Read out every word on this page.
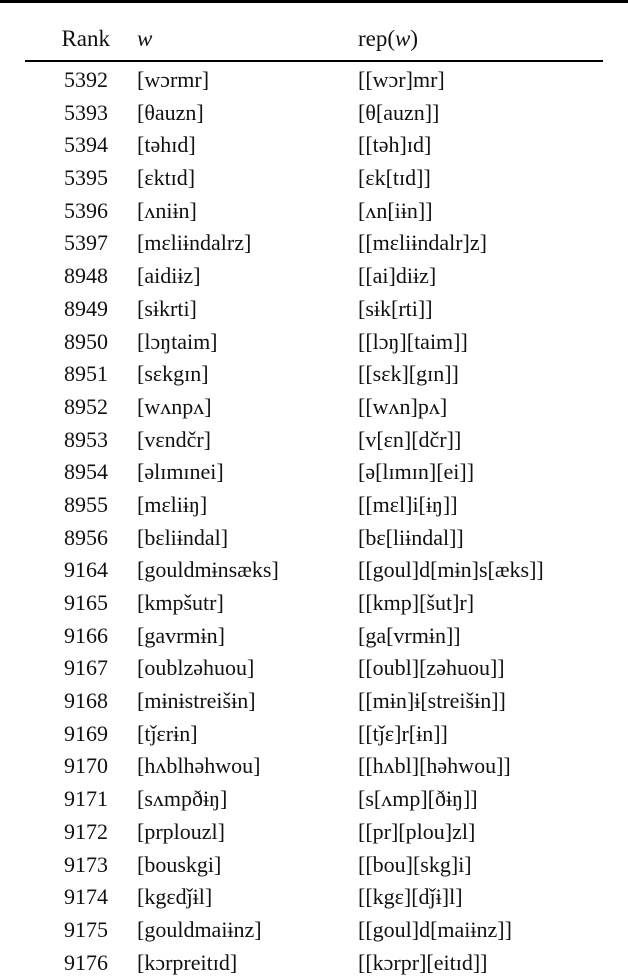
Rank w	rep(w)
5392 [wɔrmr]	[[wɔr]mr]
5393 [θauzn]	[θ[auzn]]
5394 [təhɪd]	[[təh]ɪd]
5395 [ɛktɪd]	[ɛk[tɪd]]
5396 [ʌniɨn]	[ʌn[iɨn]]
5397 [mɛliɨndalrz]	[[mɛliɨndalr]z]
8948 [aidiɨz]	[[ai]diɨz]
8949 [sɨkrti]	[sɨk[rti]]
8950 [lɔŋtaim]	[[lɔŋ][taim]]
8951 [sɛkgɪn]	[[sɛk][gɪn]]
8952 [wʌnpʌ]	[[wʌn]pʌ]
8953 [vɛndčr]	[v[ɛn][dčr]]
8954 [əlɪmɪnei]	[ə[lɪmɪn][ei]]
8955 [mɛliɨŋ]	[[mɛl]i[ɨŋ]]
8956 [bɛliɨndal]	[bɛ[liɨndal]]
9164 [gouldmɨnsæks]	[[goul]d[mɨn]s[æks]]
9165 [kmpšutr]	[[kmp][šut]r]
9166 [gavrmɨn]	[ga[vrmɨn]]
9167 [oublzəhuou]	[[oubl][zəhuou]]
9168 [mɨnɨstreišɨn]	[[mɨn]ɨ[streišɨn]]
9169 [tǰɛrɨn]	[[tǰɛ]r[ɨn]]
9170 [hʌblhəhwou]	[[hʌbl][həhwou]]
9171 [sʌmpðɨŋ]	[s[ʌmp][ðɨŋ]]
9172 [prplouzl]	[[pr][plou]zl]
9173 [bouskgi]	[[bou][skg]i]
9174 [kgɛdǰɨl]	[[kgɛ][dǰɨ]l]
9175 [gouldmaiɨnz]	[[goul]d[maiɨnz]]
9176 [kɔrpreitɪd]	[[kɔrpr][eitɪd]]
